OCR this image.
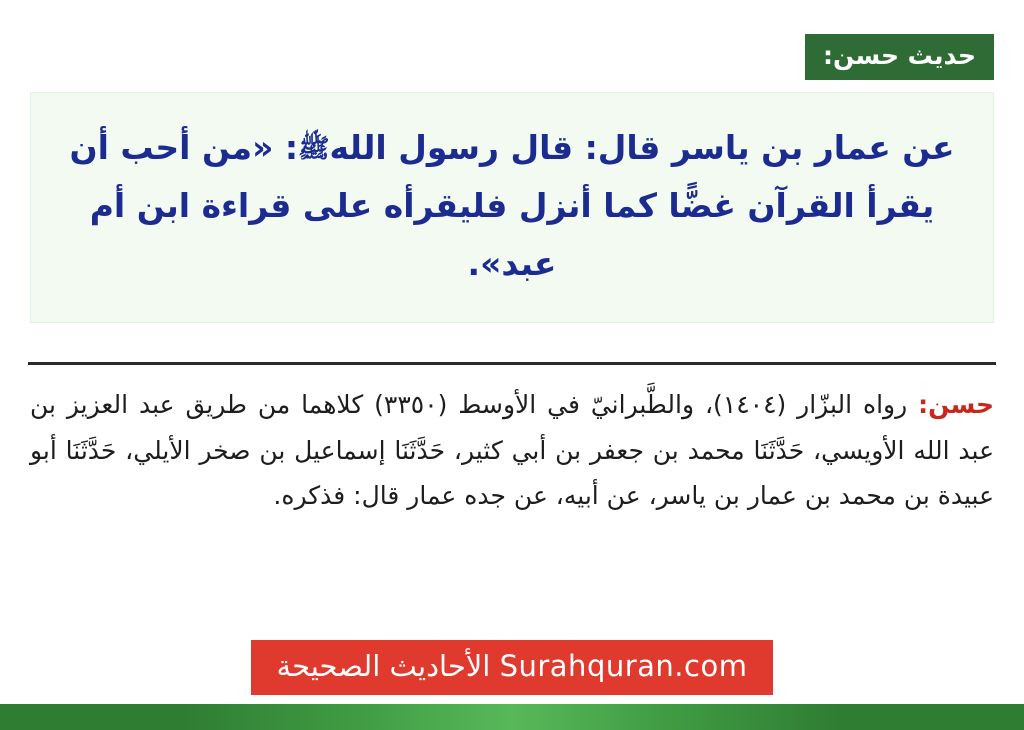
حديث حسن:
عن عمار بن ياسر قال: قال رسول اللهﷺ: «من أحب أن يقرأ القرآن غضًّا كما أنزل فليقرأه على قراءة ابن أم عبد».
حسن: رواه البزّار (١٤٠٤)، والطَّبرانيّ في الأوسط (٣٣٥٠) كلاهما من طريق عبد العزيز بن عبد الله الأويسي، حَدَّثَنَا محمد بن جعفر بن أبي كثير، حَدَّثَنَا إسماعيل بن صخر الأيلي، حَدَّثَنَا أبو عبيدة بن محمد بن عمار بن ياسر، عن أبيه، عن جده عمار قال: فذكره.
Surahquran.com الأحاديث الصحيحة
